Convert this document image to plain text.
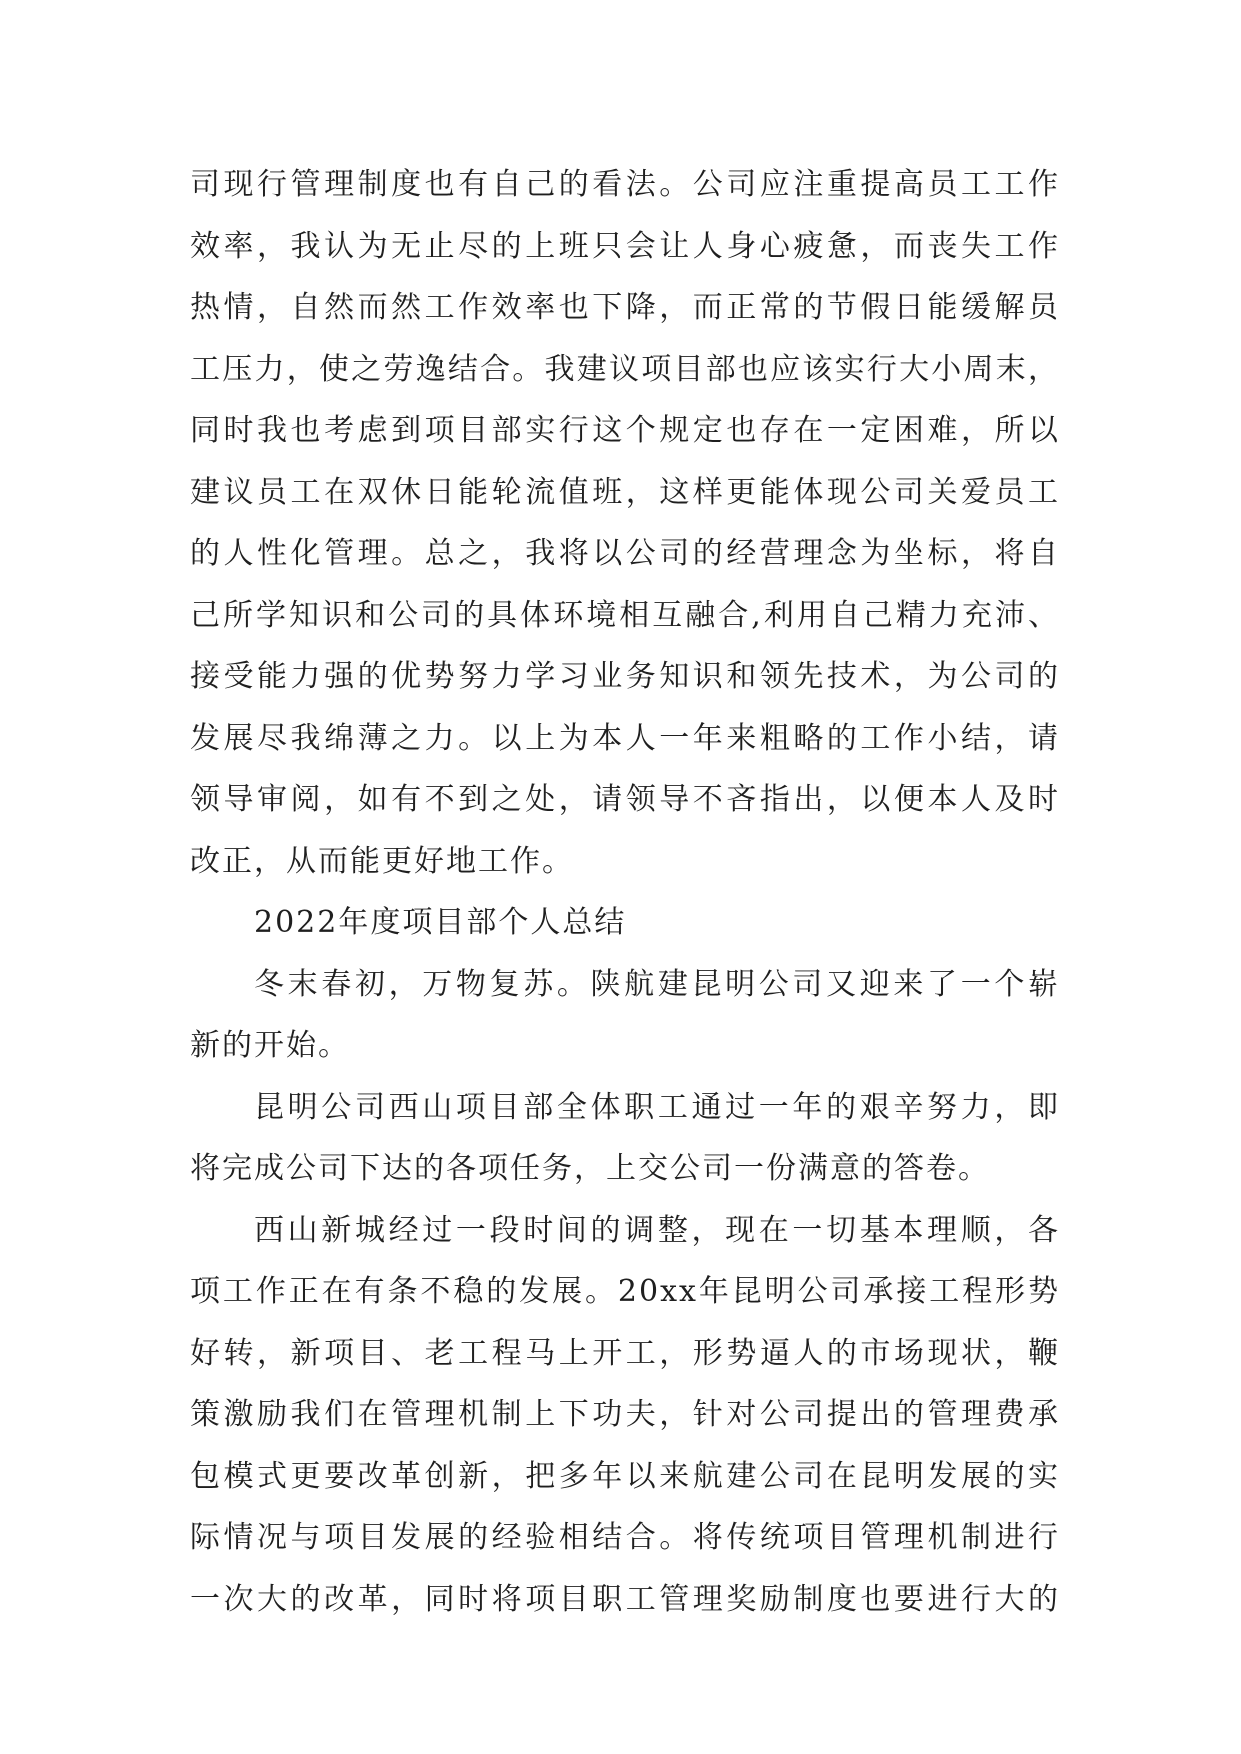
司现行管理制度也有自己的看法。公司应注重提高员工工作
效率，我认为无止尽的上班只会让人身心疲惫，而丧失工作
热情，自然而然工作效率也下降，而正常的节假日能缓解员
工压力，使之劳逸结合。我建议项目部也应该实行大小周末，
同时我也考虑到项目部实行这个规定也存在一定困难，所以
建议员工在双休日能轮流值班，这样更能体现公司关爱员工
的人性化管理。总之，我将以公司的经营理念为坐标，将自
己所学知识和公司的具体环境相互融合,利用自己精力充沛、
接受能力强的优势努力学习业务知识和领先技术，为公司的
发展尽我绵薄之力。以上为本人一年来粗略的工作小结，请
领导审阅，如有不到之处，请领导不吝指出，以便本人及时
改正，从而能更好地工作。
2022年度项目部个人总结
冬末春初，万物复苏。陕航建昆明公司又迎来了一个崭
新的开始。
昆明公司西山项目部全体职工通过一年的艰辛努力，即
将完成公司下达的各项任务，上交公司一份满意的答卷。
西山新城经过一段时间的调整，现在一切基本理顺，各
项工作正在有条不稳的发展。20xx年昆明公司承接工程形势
好转，新项目、老工程马上开工，形势逼人的市场现状，鞭
策激励我们在管理机制上下功夫，针对公司提出的管理费承
包模式更要改革创新，把多年以来航建公司在昆明发展的实
际情况与项目发展的经验相结合。将传统项目管理机制进行
一次大的改革，同时将项目职工管理奖励制度也要进行大的
